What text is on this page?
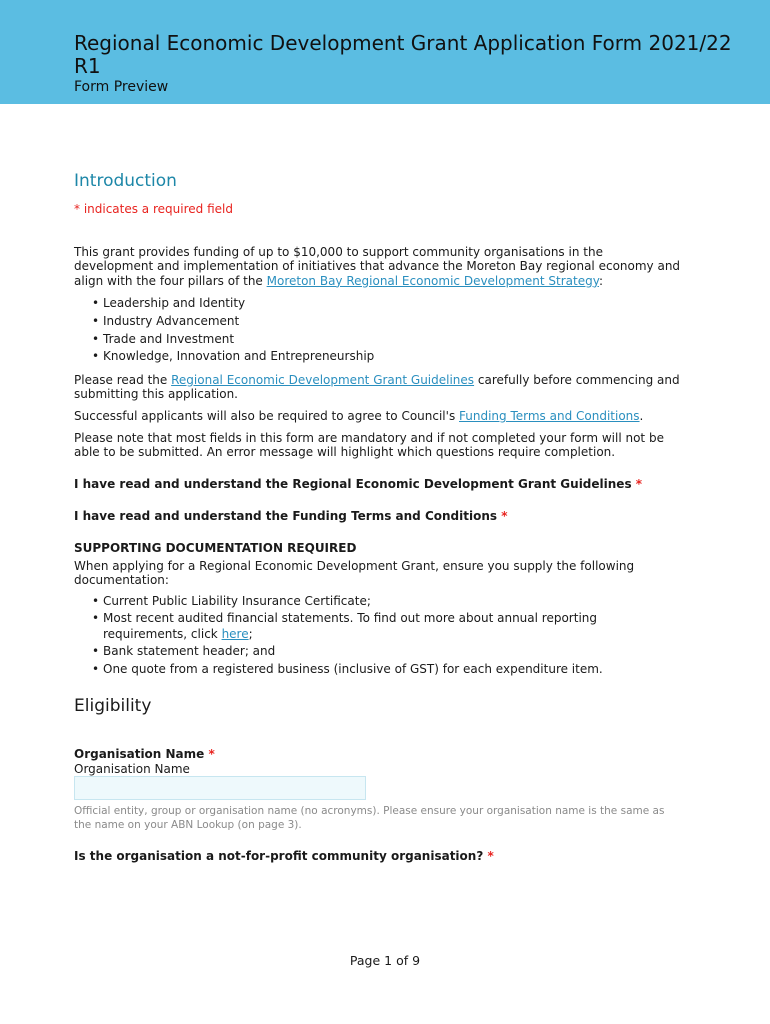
Regional Economic Development Grant Application Form 2021/22 R1
Form Preview
Introduction
* indicates a required field

This grant provides funding of up to $10,000 to support community organisations in the development and implementation of initiatives that advance the Moreton Bay regional economy and align with the four pillars of the Moreton Bay Regional Economic Development Strategy:

• Leadership and Identity
• Industry Advancement
• Trade and Investment
• Knowledge, Innovation and Entrepreneurship

Please read the Regional Economic Development Grant Guidelines carefully before commencing and submitting this application.

Successful applicants will also be required to agree to Council's Funding Terms and Conditions.

Please note that most fields in this form are mandatory and if not completed your form will not be able to be submitted. An error message will highlight which questions require completion.

I have read and understand the Regional Economic Development Grant Guidelines *

I have read and understand the Funding Terms and Conditions *

SUPPORTING DOCUMENTATION REQUIRED

When applying for a Regional Economic Development Grant, ensure you supply the following documentation:

• Current Public Liability Insurance Certificate;
• Most recent audited financial statements. To find out more about annual reporting requirements, click here;
• Bank statement header; and
• One quote from a registered business (inclusive of GST) for each expenditure item.
Eligibility

Organisation Name *

Organisation Name

Official entity, group or organisation name (no acronyms). Please ensure your organisation name is the same as the name on your ABN Lookup (on page 3).

Is the organisation a not-for-profit community organisation? *

Page 1 of 9
